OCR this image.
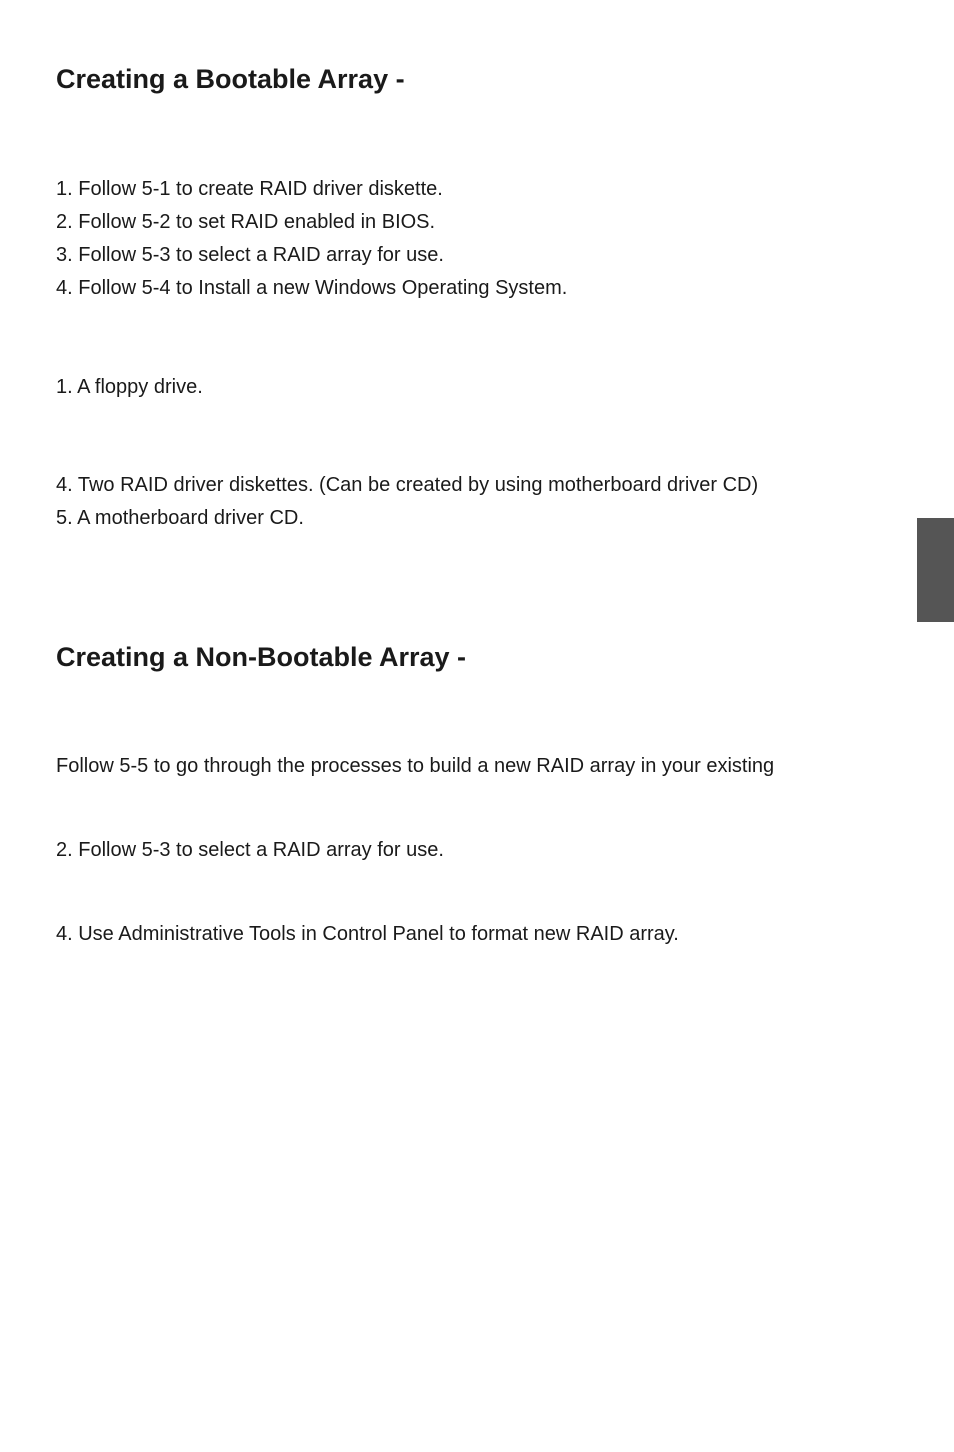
Creating a Bootable Array -

1. Follow 5-1 to create RAID driver diskette.

2. Follow 5-2 to set RAID enabled in BIOS.

3. Follow 5-3 to select a RAID array for use.

4. Follow 5-4 to Install a new Windows Operating System.

1. A floppy drive.

4. Two RAID driver diskettes. (Can be created by using motherboard driver CD)

5. A motherboard driver CD.

Creating a Non-Bootable Array -

Follow 5-5 to go through the processes to build a new RAID array in your existing

2. Follow 5-3 to select a RAID array for use.

4. Use Administrative Tools in Control Panel to format new RAID array.
